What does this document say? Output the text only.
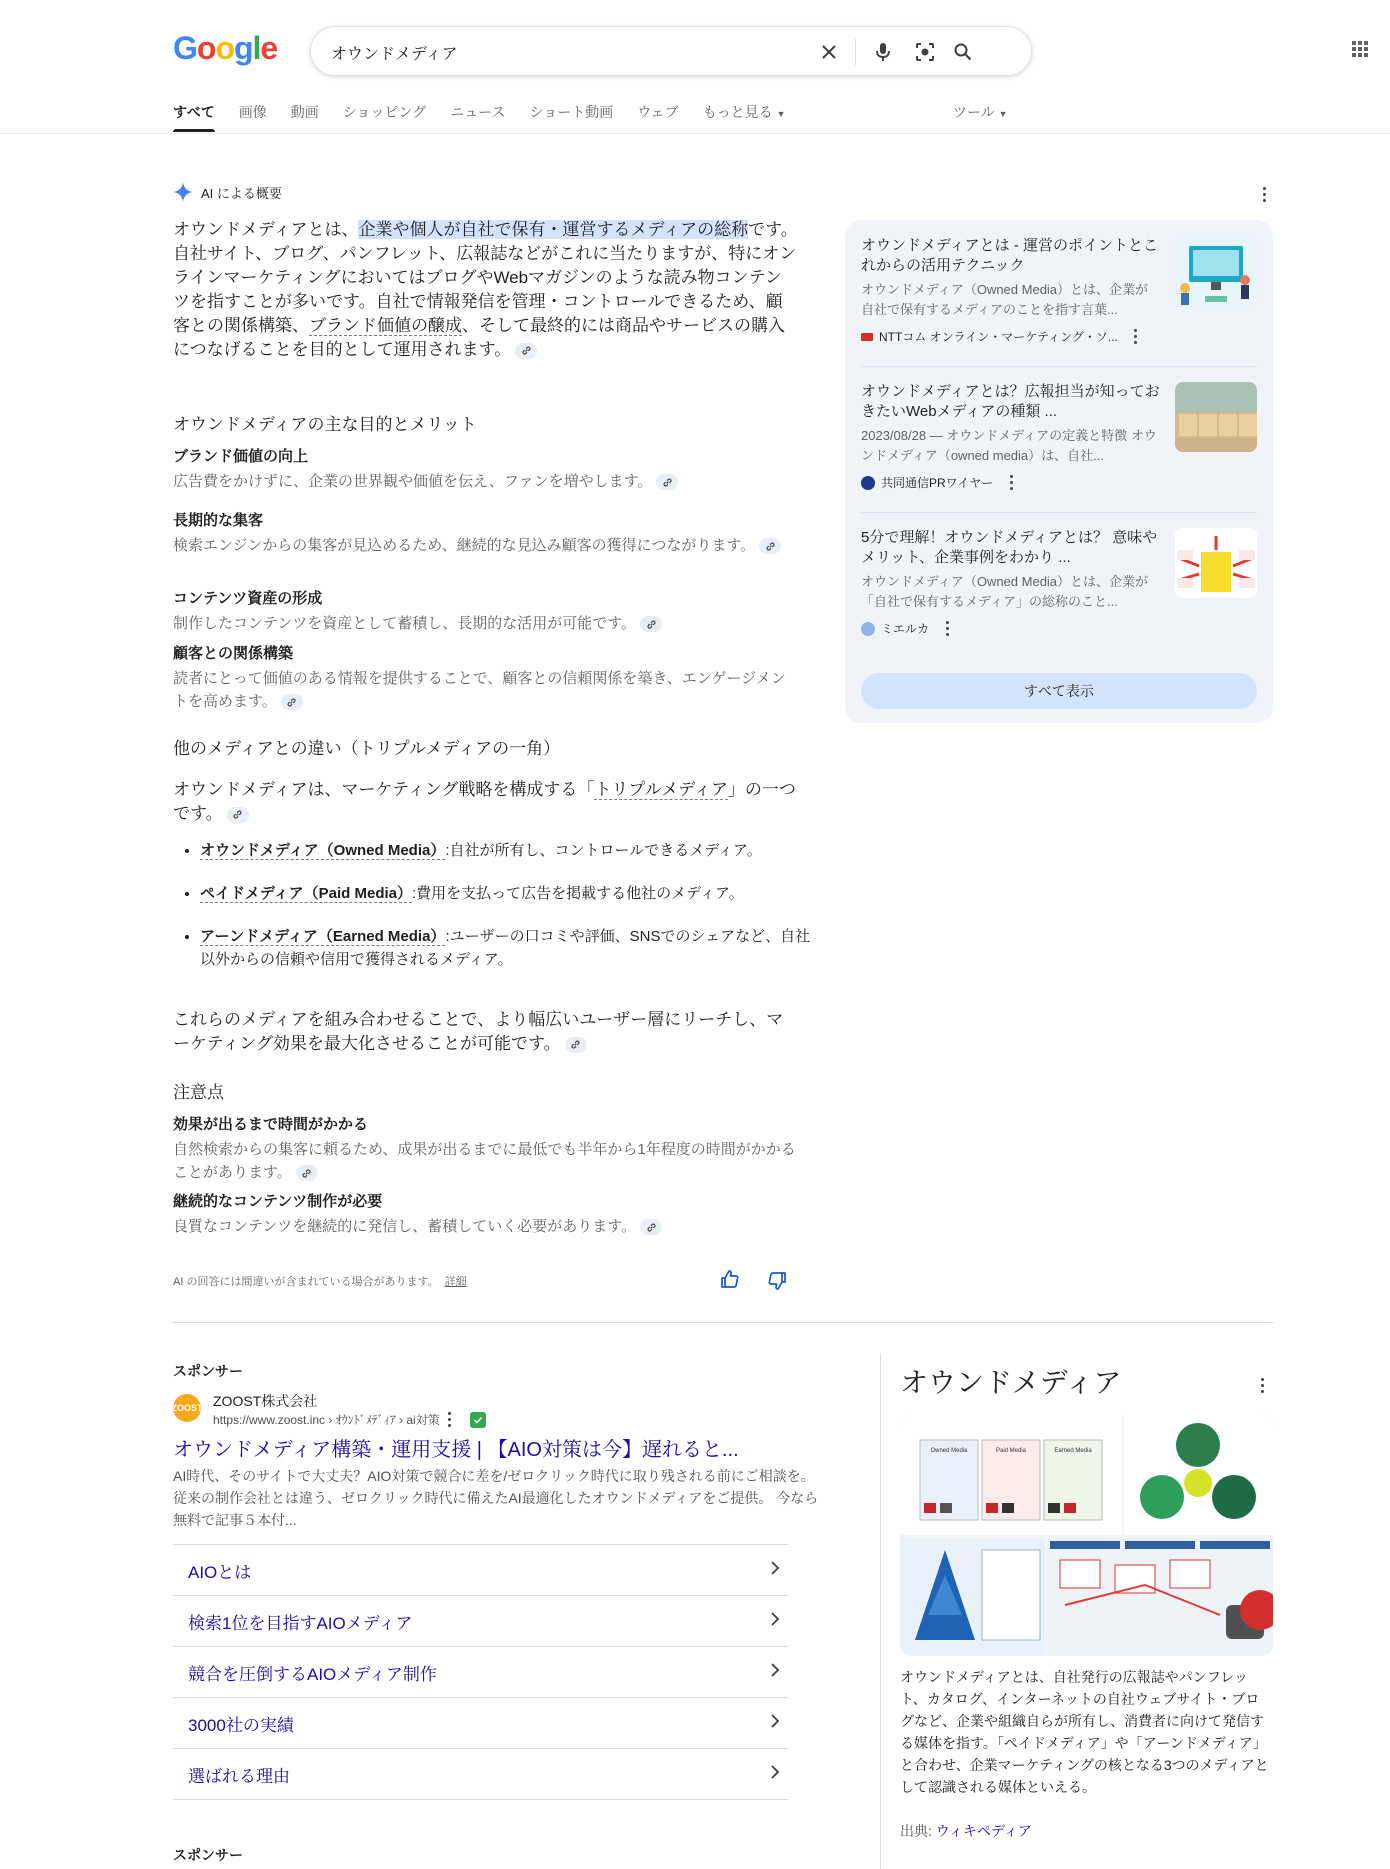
Google
オウンドメディア
すべて 画像 動画 ショッピング ニュース ショート動画 ウェブ もっと見る ▼	ツール ▼
AI による概要
オウンドメディアとは、企業や個人が自社で保有・運営するメディアの総称です。自社サイト、ブログ、パンフレット、広報誌などがこれに当たりますが、特にオンラインマーケティングにおいてはブログやWebマガジンのような読み物コンテンツを指すことが多いです。自社で情報発信を管理・コントロールできるため、顧客との関係構築、ブランド価値の醸成、そして最終的には商品やサービスの購入につなげることを目的として運用されます。
オウンドメディアの主な目的とメリット
ブランド価値の向上
広告費をかけずに、企業の世界観や価値を伝え、ファンを増やします。
長期的な集客
検索エンジンからの集客が見込めるため、継続的な見込み顧客の獲得につながります。
コンテンツ資産の形成
制作したコンテンツを資産として蓄積し、長期的な活用が可能です。
顧客との関係構築
読者にとって価値のある情報を提供することで、顧客との信頼関係を築き、エンゲージメントを高めます。
他のメディアとの違い（トリプルメディアの一角）
オウンドメディアは、マーケティング戦略を構成する「トリプルメディア」の一つです。
• オウンドメディア（Owned Media）:自社が所有し、コントロールできるメディア。
• ペイドメディア（Paid Media）:費用を支払って広告を掲載する他社のメディア。
• アーンドメディア（Earned Media）:ユーザーの口コミや評価、SNSでのシェアなど、自社以外からの信頼や信用で獲得されるメディア。
これらのメディアを組み合わせることで、より幅広いユーザー層にリーチし、マーケティング効果を最大化させることが可能です。
注意点
効果が出るまで時間がかかる
自然検索からの集客に頼るため、成果が出るまでに最低でも半年から1年程度の時間がかかることがあります。
継続的なコンテンツ制作が必要
良質なコンテンツを継続的に発信し、蓄積していく必要があります。
AI の回答には間違いが含まれている場合があります。 詳細
オウンドメディアとは - 運営のポイントとこれからの活用テクニック
オウンドメディア（Owned Media）とは、企業が自社で保有するメディアのことを指す言葉...
NTTコム オンライン・マーケティング・ソ...
オウンドメディアとは？広報担当が知っておきたいWebメディアの種類 ...
2023/08/28 — オウンドメディアの定義と特徴 オウンドメディア（owned media）は、自社...
共同通信PRワイヤー
5分で理解！オウンドメディアとは？ 意味やメリット、企業事例をわかり ...
オウンドメディア（Owned Media）とは、企業が「自社で保有するメディア」の総称のこと...
ミエルカ
すべて表示
スポンサー
ZOOST ZOOST株式会社
https://www.zoost.inc › ｵｳﾝﾄﾞﾒﾃﾞｨｱ › ai対策
オウンドメディア構築・運用支援 | 【AIO対策は今】遅れると...
AI時代、そのサイトで大丈夫？AIO対策で競合に差を/ゼロクリック時代に取り残される前にご相談を。従来の制作会社とは違う、ゼロクリック時代に備えたAI最適化したオウンドメディアをご提供。 今なら無料で記事５本付...
AIOとは
検索1位を目指すAIOメディア
競合を圧倒するAIOメディア制作
3000社の実績
選ばれる理由
スポンサー
オウンドメディア
Owned Media	Paid Media	Earned Media
オウンドメディアとは、自社発行の広報誌やパンフレット、カタログ、インターネットの自社ウェブサイト・ブログなど、企業や組織自らが所有し、消費者に向けて発信する媒体を指す。「ペイドメディア」や「アーンドメディア」と合わせ、企業マーケティングの核となる3つのメディアとして認識される媒体といえる。
出典: ウィキペディア
